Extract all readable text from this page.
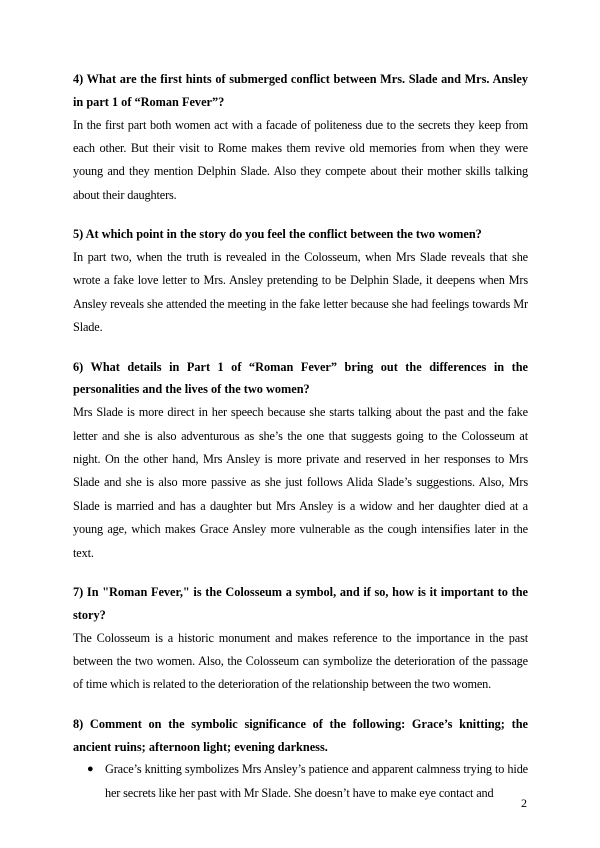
4) What are the first hints of submerged conflict between Mrs. Slade and Mrs. Ansley in part 1 of “Roman Fever”?

In the first part both women act with a facade of politeness due to the secrets they keep from each other. But their visit to Rome makes them revive old memories from when they were young and they mention Delphin Slade. Also they compete about their mother skills talking about their daughters.

5) At which point in the story do you feel the conflict between the two women?

In part two, when the truth is revealed in the Colosseum, when Mrs Slade reveals that she wrote a fake love letter to Mrs. Ansley pretending to be Delphin Slade, it deepens when Mrs Ansley reveals she attended the meeting in the fake letter because she had feelings towards Mr Slade.

6) What details in Part 1 of “Roman Fever” bring out the differences in the personalities and the lives of the two women?

Mrs Slade is more direct in her speech because she starts talking about the past and the fake letter and she is also adventurous as she’s the one that suggests going to the Colosseum at night. On the other hand, Mrs Ansley is more private and reserved in her responses to Mrs Slade and she is also more passive as she just follows Alida Slade’s suggestions. Also, Mrs Slade is married and has a daughter but Mrs Ansley is a widow and her daughter died at a young age, which makes Grace Ansley more vulnerable as the cough intensifies later in the text.

7) In "Roman Fever," is the Colosseum a symbol, and if so, how is it important to the story?

The Colosseum is a historic monument and makes reference to the importance in the past between the two women. Also, the Colosseum can symbolize the deterioration of the passage of time which is related to the deterioration of the relationship between the two women.

8) Comment on the symbolic significance of the following: Grace’s knitting; the ancient ruins; afternoon light; evening darkness.

● Grace’s knitting symbolizes Mrs Ansley’s patience and apparent calmness trying to hide her secrets like her past with Mr Slade. She doesn’t have to make eye contact and
2
